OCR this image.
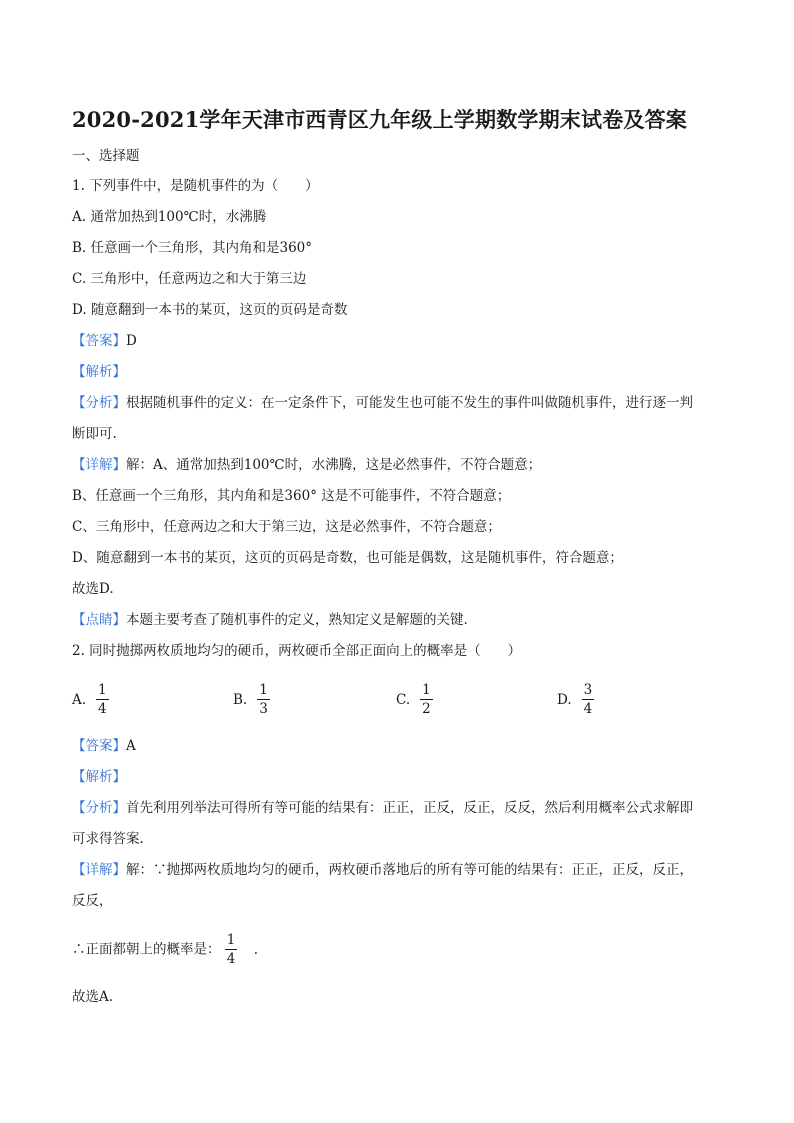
2020-2021学年天津市西青区九年级上学期数学期末试卷及答案
一、选择题
1. 下列事件中，是随机事件的为（　　）
A. 通常加热到100℃时，水沸腾
B. 任意画一个三角形，其内角和是360°
C. 三角形中，任意两边之和大于第三边
D. 随意翻到一本书的某页，这页的页码是奇数
【答案】D
【解析】
【分析】根据随机事件的定义：在一定条件下，可能发生也可能不发生的事件叫做随机事件，进行逐一判
断即可.
【详解】解：A、通常加热到100℃时，水沸腾，这是必然事件，不符合题意；
B、任意画一个三角形，其内角和是360° 这是不可能事件，不符合题意；
C、三角形中，任意两边之和大于第三边，这是必然事件，不符合题意；
D、随意翻到一本书的某页，这页的页码是奇数，也可能是偶数，这是随机事件，符合题意；
故选D.
【点睛】本题主要考查了随机事件的定义，熟知定义是解题的关键.
2. 同时抛掷两枚质地均匀的硬币，两枚硬币全部正面向上的概率是（　　）
A. $\frac{1}{4}$	B. $\frac{1}{3}$	C. $\frac{1}{2}$	D. $\frac{3}{4}$
【答案】A
【解析】
【分析】首先利用列举法可得所有等可能的结果有：正正，正反，反正，反反，然后利用概率公式求解即
可求得答案.
【详解】解：∵抛掷两枚质地均匀的硬币，两枚硬币落地后的所有等可能的结果有：正正，正反，反正，
反反，
∴正面都朝上的概率是： $\frac{1}{4}$ .
故选A.
